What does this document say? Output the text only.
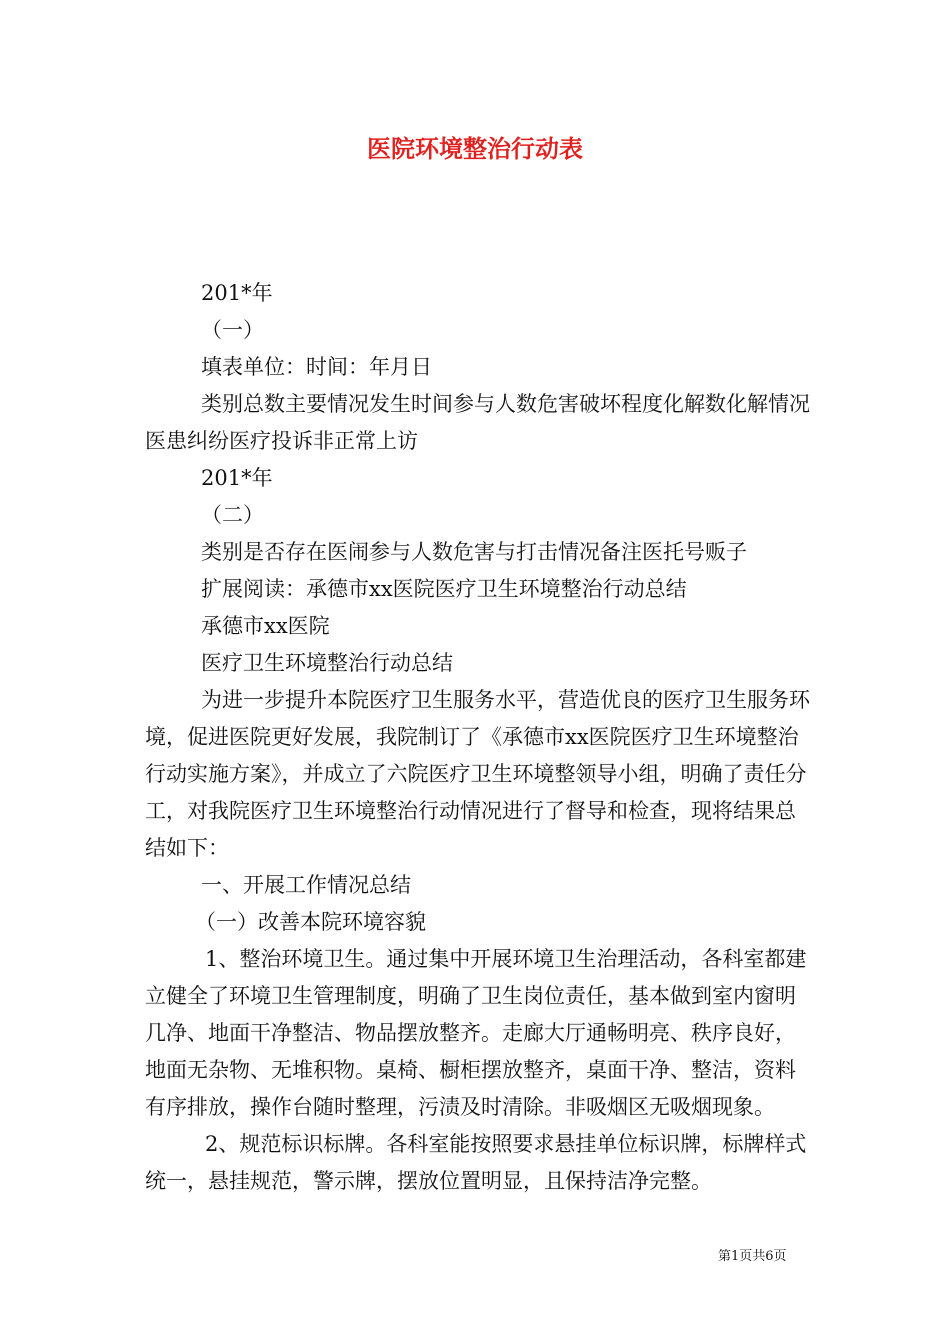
医院环境整治行动表

201*年

（一）

填表单位：时间：年月日

类别总数主要情况发生时间参与人数危害破坏程度化解数化解情况医患纠纷医疗投诉非正常上访

201*年

（二）

类别是否存在医闹参与人数危害与打击情况备注医托号贩子

扩展阅读：承德市xx医院医疗卫生环境整治行动总结

承德市xx医院

医疗卫生环境整治行动总结

为进一步提升本院医疗卫生服务水平，营造优良的医疗卫生服务环境，促进医院更好发展，我院制订了《承德市xx医院医疗卫生环境整治行动实施方案》，并成立了六院医疗卫生环境整领导小组，明确了责任分工，对我院医疗卫生环境整治行动情况进行了督导和检查，现将结果总结如下：

一、开展工作情况总结

（一）改善本院环境容貌

1、整治环境卫生。通过集中开展环境卫生治理活动，各科室都建立健全了环境卫生管理制度，明确了卫生岗位责任，基本做到室内窗明几净、地面干净整洁、物品摆放整齐。走廊大厅通畅明亮、秩序良好，地面无杂物、无堆积物。桌椅、橱柜摆放整齐，桌面干净、整洁，资料有序排放，操作台随时整理，污渍及时清除。非吸烟区无吸烟现象。

2、规范标识标牌。各科室能按照要求悬挂单位标识牌，标牌样式统一，悬挂规范，警示牌，摆放位置明显，且保持洁净完整。

第1页共6页
